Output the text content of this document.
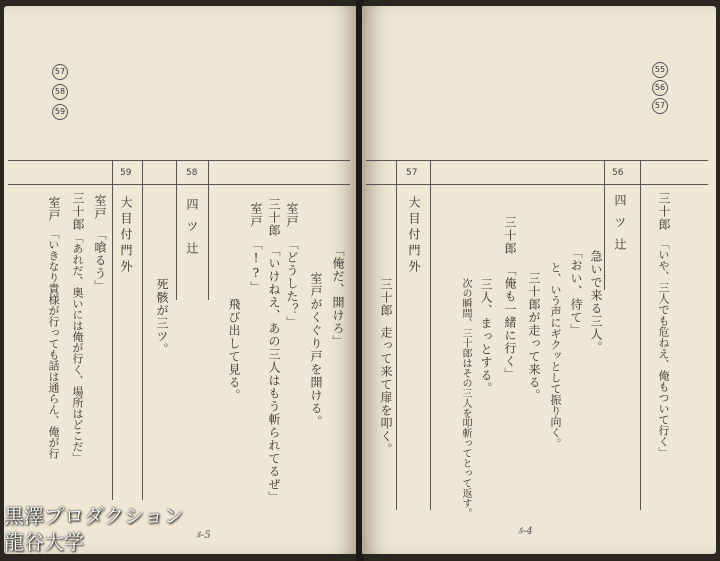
57
58
59
「俺だ、開けろ」
室戸がくぐり戸を開ける。
室戸
「どうした？」
三十郎
「いけねえ、あの三人はもう斬られてるぜ」
室戸
「!?」
飛び出して見る。
58
四ツ辻
死骸が三ツ。
59
大目付門外
室戸
「喰るう」
三十郎
「あれだ、奥いには俺が行く、場所はどこだ」
室戸
「いきなり貴様が行っても話は通らん、俺が行
ﾙ-5
55
56
57
三十郎
「いや、三人でも危ねえ、俺もついて行く」
56
四ツ辻
急いで来る三人。
「おい、待て」
と、いう声にギクッとして振り向く。
三十郎が走って来る。
三十郎
「俺も一緒に行く」
三人、まっとする。
次の瞬間、三十郎はその三人を叩斬ってとって返す。
57
大目付門外
三十郎
走って来て扉を叩く。
ﾙ-4
黒澤プロダクション
龍谷大学
